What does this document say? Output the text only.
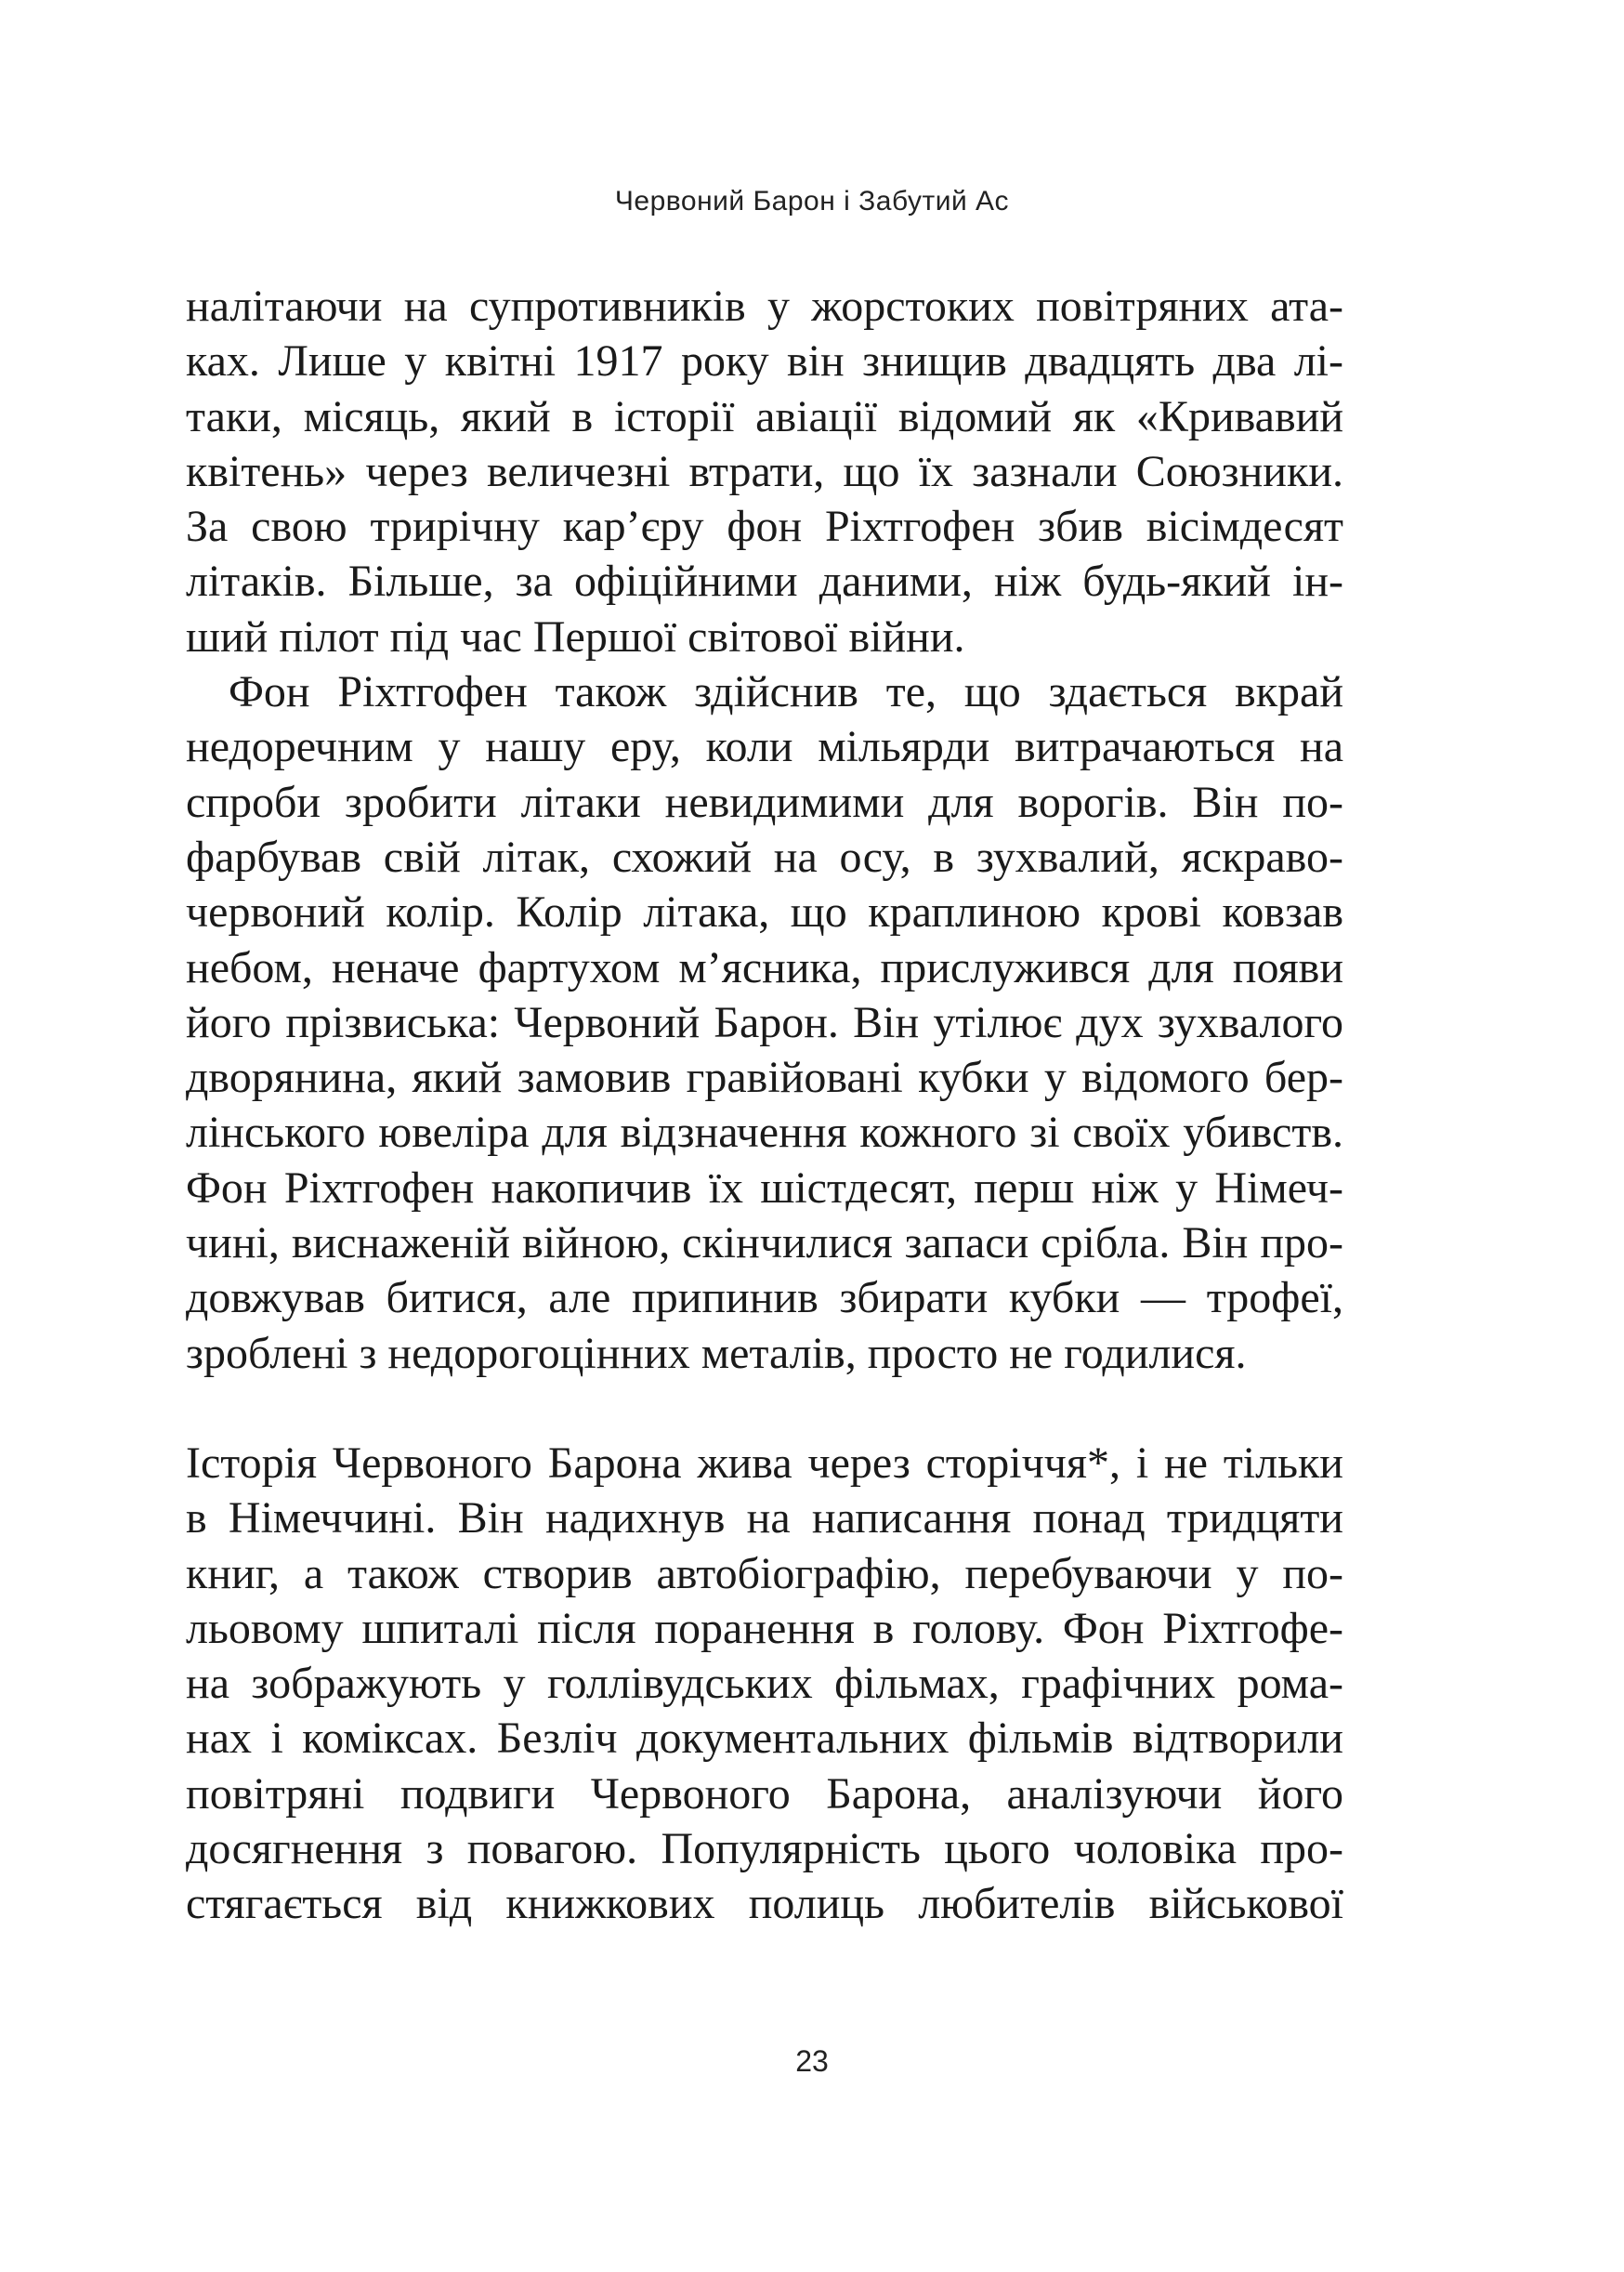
Червоний Барон і Забутий Ас
налітаючи на супротивників у жорстоких повітряних ата-
ках. Лише у квітні 1917 року він знищив двадцять два лі-
таки, місяць, який в історії авіації відомий як «Кривавий
квітень» через величезні втрати, що їх зазнали Союзники.
За свою трирічну кар’єру фон Ріхтгофен збив вісімдесят
літаків. Більше, за офіційними даними, ніж будь-який ін-
ший пілот під час Першої світової війни.
Фон Ріхтгофен також здійснив те, що здається вкрай
недоречним у нашу еру, коли мільярди витрачаються на
спроби зробити літаки невидимими для ворогів. Він по-
фарбував свій літак, схожий на осу, в зухвалий, яскраво-
червоний колір. Колір літака, що краплиною крові ковзав
небом, неначе фартухом м’ясника, прислужився для появи
його прізвиська: Червоний Барон. Він утілює дух зухвалого
дворянина, який замовив гравійовані кубки у відомого бер-
лінського ювеліра для відзначення кожного зі своїх убивств.
Фон Ріхтгофен накопичив їх шістдесят, перш ніж у Німеч-
чині, виснаженій війною, скінчилися запаси срібла. Він про-
довжував битися, але припинив збирати кубки — трофеї,
зроблені з недорогоцінних металів, просто не годилися.
Історія Червоного Барона жива через сторіччя*, і не тільки
в Німеччині. Він надихнув на написання понад тридцяти
книг, а також створив автобіографію, перебуваючи у по-
льовому шпиталі після поранення в голову. Фон Ріхтгофе-
на зображують у голлівудських фільмах, графічних рома-
нах і коміксах. Безліч документальних фільмів відтворили
повітряні подвиги Червоного Барона, аналізуючи його
досягнення з повагою. Популярність цього чоловіка про-
стягається від книжкових полиць любителів військової
23
